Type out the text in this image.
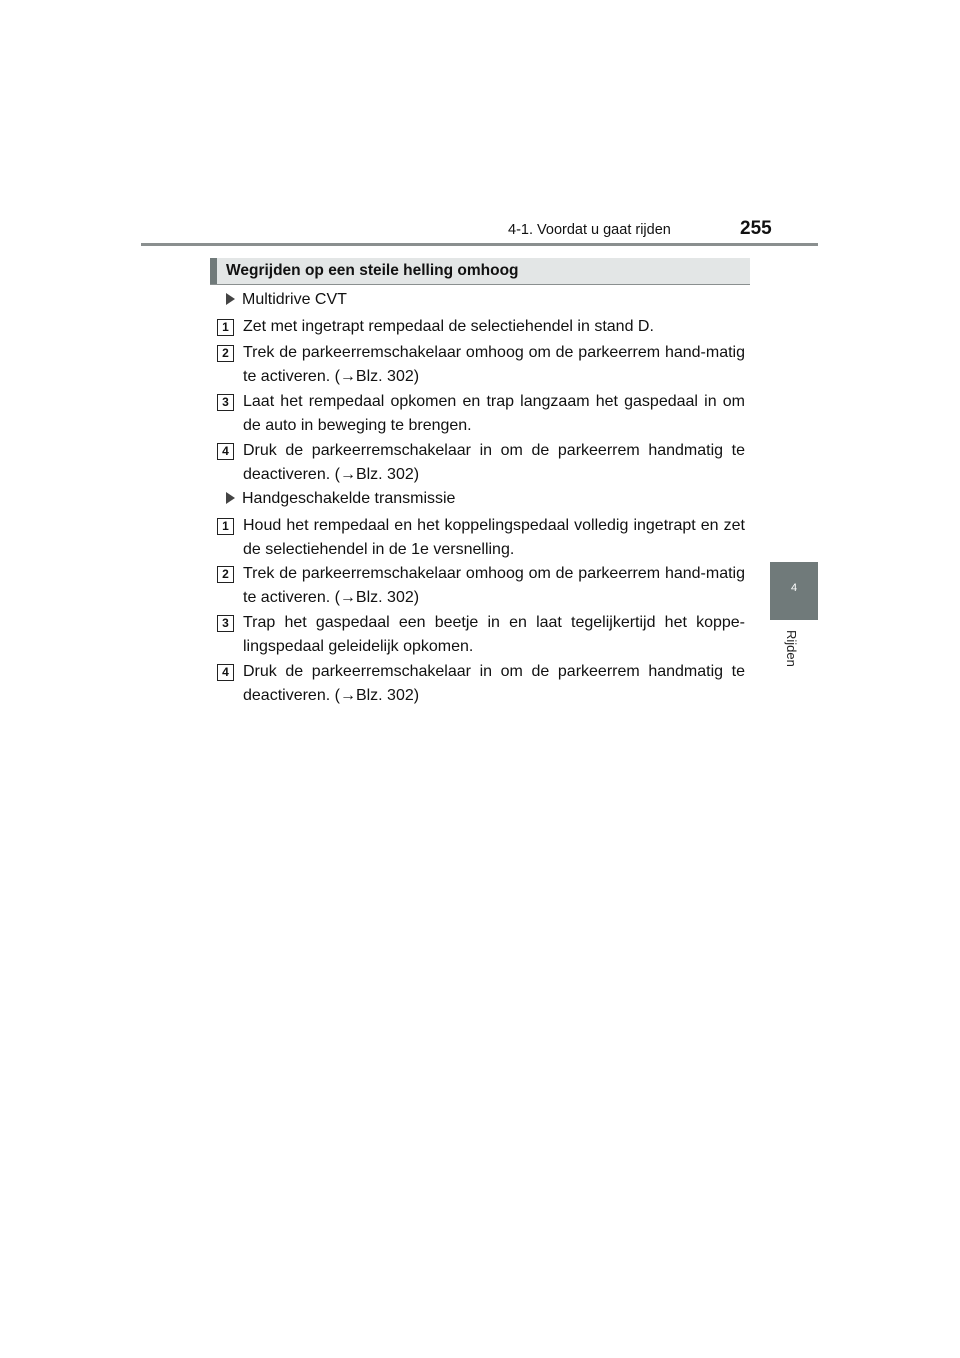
4-1. Voordat u gaat rijden	255
4
Rijden
Wegrijden op een steile helling omhoog
Multidrive CVT
1 Zet met ingetrapt rempedaal de selectiehendel in stand D.
2 Trek de parkeerremschakelaar omhoog om de parkeerrem hand-matig te activeren. (→Blz. 302)
3 Laat het rempedaal opkomen en trap langzaam het gaspedaal in om de auto in beweging te brengen.
4 Druk de parkeerremschakelaar in om de parkeerrem handmatig te deactiveren. (→Blz. 302)
Handgeschakelde transmissie
1 Houd het rempedaal en het koppelingspedaal volledig ingetrapt en zet de selectiehendel in de 1e versnelling.
2 Trek de parkeerremschakelaar omhoog om de parkeerrem hand-matig te activeren. (→Blz. 302)
3 Trap het gaspedaal een beetje in en laat tegelijkertijd het koppe-lingspedaal geleidelijk opkomen.
4 Druk de parkeerremschakelaar in om de parkeerrem handmatig te deactiveren. (→Blz. 302)
